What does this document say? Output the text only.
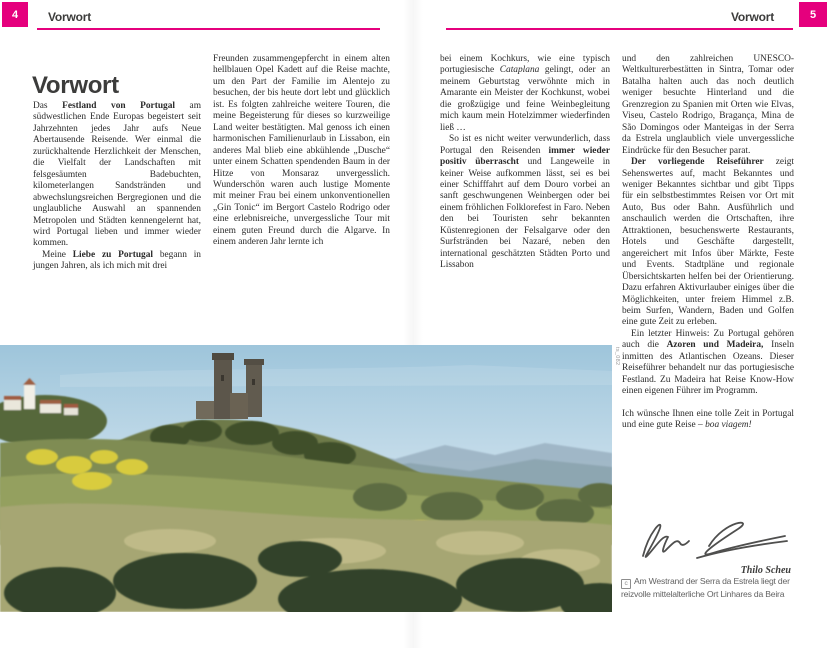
4	Vorwort	Vorwort	5
Vorwort

Das Festland von Portugal am südwestlichen Ende Europas begeistert seit Jahrzehnten jedes Jahr aufs Neue Abertausende Reisende. Wer einmal die zurückhaltende Herzlichkeit der Menschen, die Vielfalt der Landschaften mit felsgesäumten Badebuchten, kilometerlangen Sandstränden und abwechslungsreichen Bergregionen und die unglaubliche Auswahl an spannenden Metropolen und Städten kennengelernt hat, wird Portugal lieben und immer wieder kommen.

Meine Liebe zu Portugal begann in jungen Jahren, als ich mich mit drei

Freunden zusammengepfercht in einem alten hellblauen Opel Kadett auf die Reise machte, um den Part der Familie im Alentejo zu besuchen, der bis heute dort lebt und glücklich ist. Es folgten zahlreiche weitere Touren, die meine Begeisterung für dieses so kurzweilige Land weiter bestätigten. Mal genoss ich einen harmonischen Familienurlaub in Lissabon, ein anderes Mal blieb eine abkühlende „Dusche“ unter einem Schatten spendenden Baum in der Hitze von Monsaraz unvergesslich. Wunderschön waren auch lustige Momente mit meiner Frau bei einem unkonventionellen „Gin Tonic“ im Bergort Castelo Rodrigo oder eine erlebnisreiche, unvergessliche Tour mit einem guten Freund durch die Algarve. In einem anderen Jahr lernte ich

bei einem Kochkurs, wie eine typisch portugiesische Cataplana gelingt, oder an meinem Geburtstag verwöhnte mich in Amarante ein Meister der Kochkunst, wobei die großzügige und feine Weinbegleitung mich kaum mein Hotelzimmer wiederfinden ließ …

So ist es nicht weiter verwunderlich, dass Portugal den Reisenden immer wieder positiv überrascht und Langeweile in keiner Weise aufkommen lässt, sei es bei einer Schifffahrt auf dem Douro vorbei an sanft geschwungenen Weinbergen oder bei einem fröhlichen Folklorefest in Faro. Neben den bei Touristen sehr bekannten Küstenregionen der Felsalgarve oder den Surfstränden bei Nazaré, neben den international geschätzten Städten Porto und Lissabon

und den zahlreichen UNESCO-Weltkulturerbestätten in Sintra, Tomar oder Batalha halten auch das noch deutlich weniger besuchte Hinterland und die Grenzregion zu Spanien mit Orten wie Elvas, Viseu, Castelo Rodrigo, Bragança, Mina de São Domingos oder Manteigas in der Serra da Estrela unglaublich viele unvergessliche Eindrücke für den Besucher parat.

Der vorliegende Reiseführer zeigt Sehenswertes auf, macht Bekanntes und weniger Bekanntes sichtbar und gibt Tipps für ein selbstbestimmtes Reisen vor Ort mit Auto, Bus oder Bahn. Ausführlich und anschaulich werden die Ortschaften, ihre Attraktionen, besuchenswerte Restaurants, Hotels und Geschäfte dargestellt, angereichert mit Infos über Märkte, Feste und Events. Stadtpläne und regionale Übersichtskarten helfen bei der Orientierung. Dazu erfahren Aktivurlauber einiges über die Möglichkeiten, unter freiem Himmel z.B. beim Surfen, Wandern, Baden und Golfen eine gute Zeit zu erleben.

Ein letzter Hinweis: Zu Portugal gehören auch die Azoren und Madeira, Inseln inmitten des Atlantischen Ozeans. Dieser Reiseführer behandelt nur das portugiesische Festland. Zu Madeira hat Reise Know-How einen eigenen Führer im Programm.

Ich wünsche Ihnen eine tolle Zeit in Portugal und eine gute Reise – boa viagem!

Thilo Scheu
c Am Westrand der Serra da Estrela liegt der reizvolle mittelalterliche Ort Linhares da Beira
ts_082
